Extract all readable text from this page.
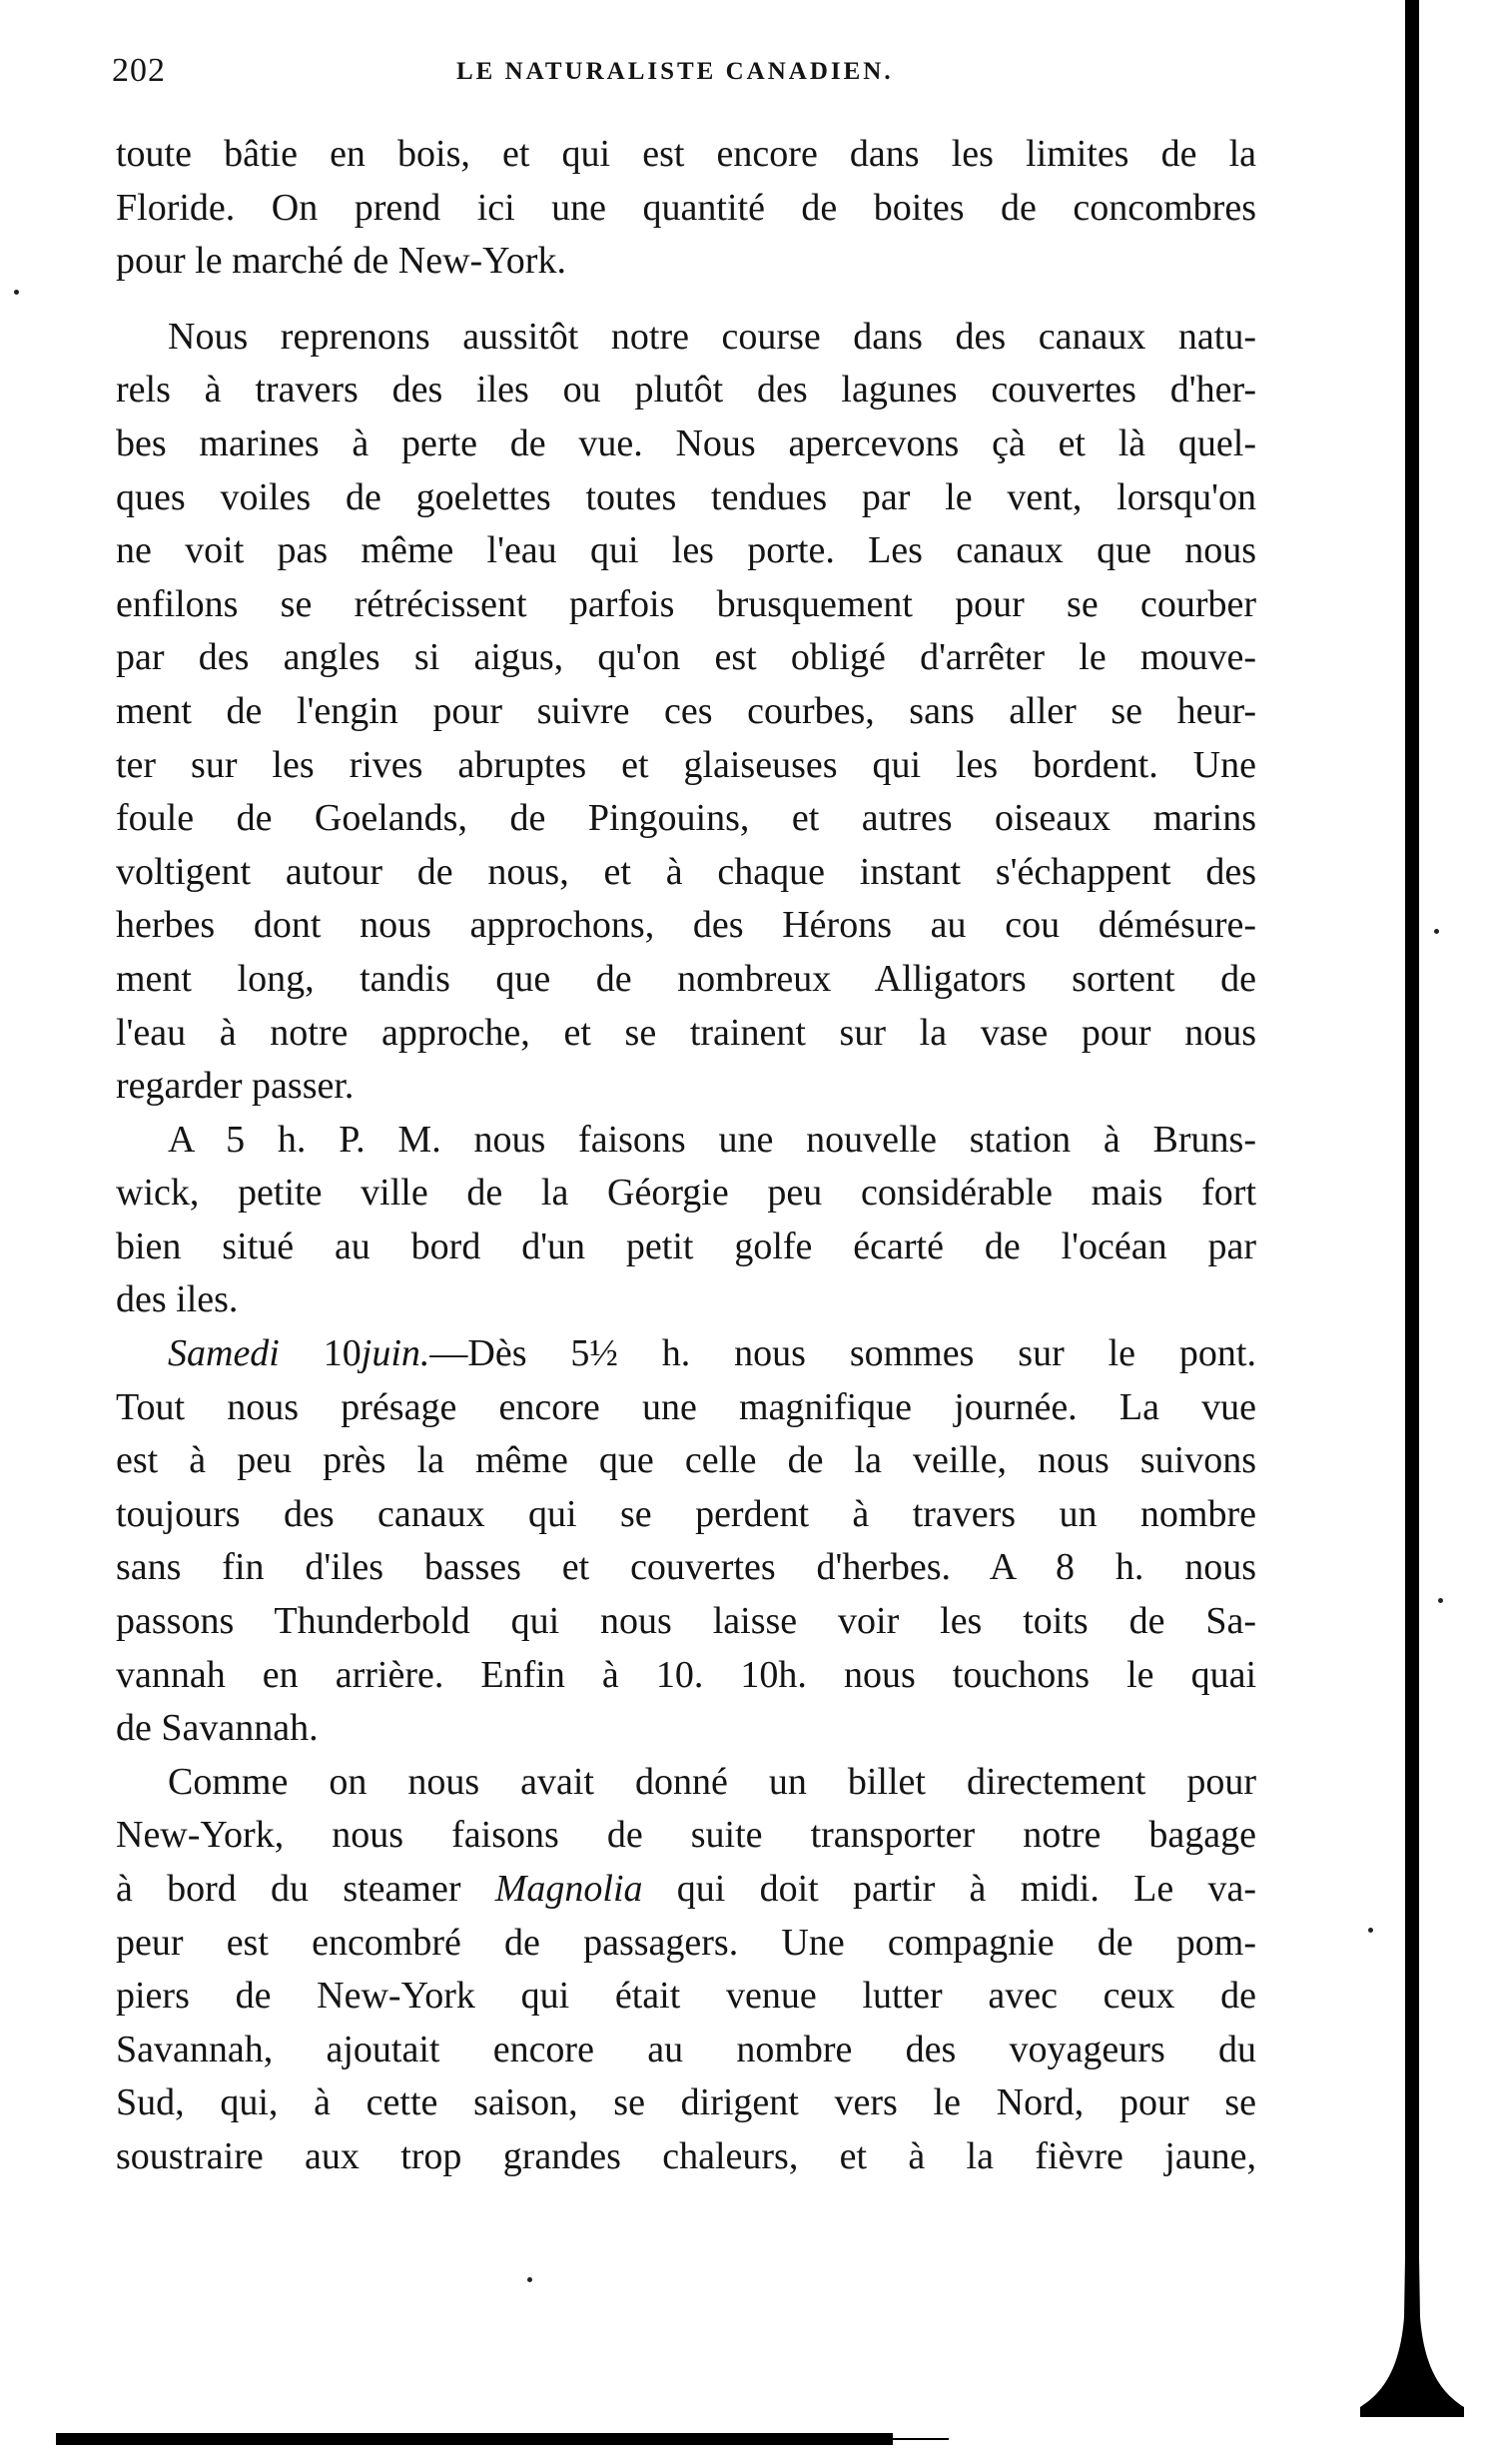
202	LE NATURALISTE CANADIEN.
toute bâtie en bois, et qui est encore dans les limites de la
Floride. On prend ici une quantité de boites de concombres
pour le marché de New-York.
Nous reprenons aussitôt notre course dans des canaux natu-
rels à travers des iles ou plutôt des lagunes couvertes d'her-
bes marines à perte de vue. Nous apercevons çà et là quel-
ques voiles de goelettes toutes tendues par le vent, lorsqu'on
ne voit pas même l'eau qui les porte. Les canaux que nous
enfilons se rétrécissent parfois brusquement pour se courber
par des angles si aigus, qu'on est obligé d'arrêter le mouve-
ment de l'engin pour suivre ces courbes, sans aller se heur-
ter sur les rives abruptes et glaiseuses qui les bordent. Une
foule de Goelands, de Pingouins, et autres oiseaux marins
voltigent autour de nous, et à chaque instant s'échappent des
herbes dont nous approchons, des Hérons au cou démésure-
ment long, tandis que de nombreux Alligators sortent de
l'eau à notre approche, et se trainent sur la vase pour nous
regarder passer.
A 5 h. P. M. nous faisons une nouvelle station à Bruns-
wick, petite ville de la Géorgie peu considérable mais fort
bien situé au bord d'un petit golfe écarté de l'océan par
des iles.
Samedi 10juin.—Dès 5½ h. nous sommes sur le pont.
Tout nous présage encore une magnifique journée. La vue
est à peu près la même que celle de la veille, nous suivons
toujours des canaux qui se perdent à travers un nombre
sans fin d'iles basses et couvertes d'herbes. A 8 h. nous
passons Thunderbold qui nous laisse voir les toits de Sa-
vannah en arrière. Enfin à 10. 10h. nous touchons le quai
de Savannah.
Comme on nous avait donné un billet directement pour
New-York, nous faisons de suite transporter notre bagage
à bord du steamer Magnolia qui doit partir à midi. Le va-
peur est encombré de passagers. Une compagnie de pom-
piers de New-York qui était venue lutter avec ceux de
Savannah, ajoutait encore au nombre des voyageurs du
Sud, qui, à cette saison, se dirigent vers le Nord, pour se
soustraire aux trop grandes chaleurs, et à la fièvre jaune,
